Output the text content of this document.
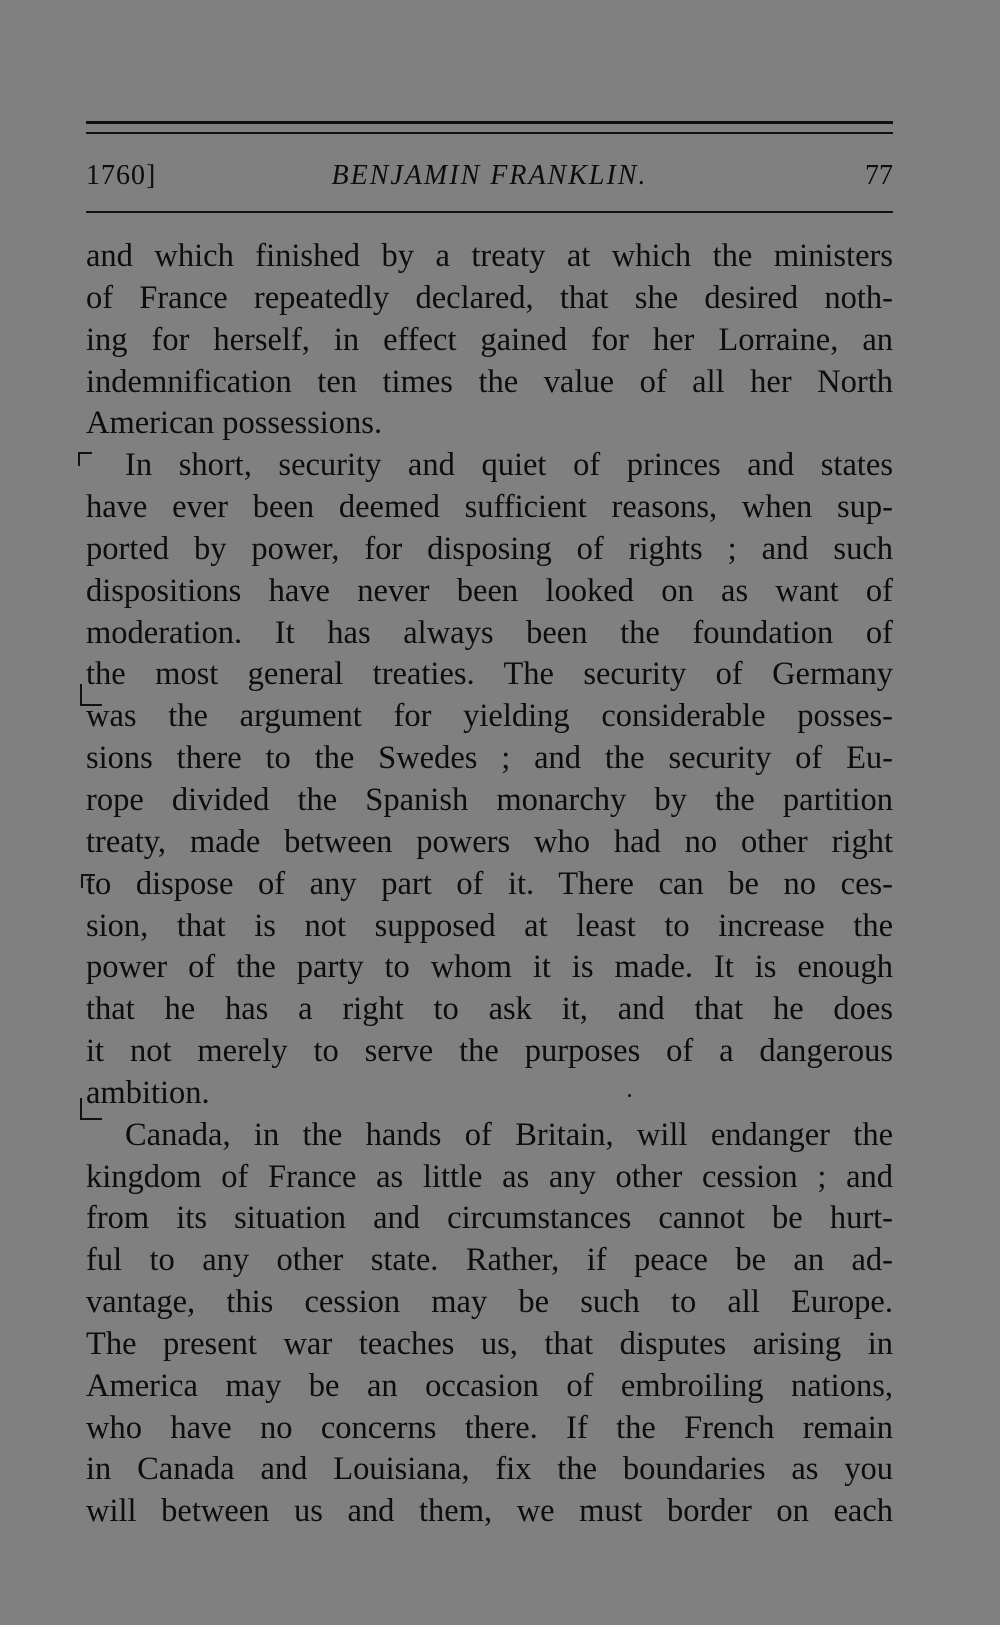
1760]	BENJAMIN FRANKLIN.	77
and which finished by a treaty at which the ministers
of France repeatedly declared, that she desired noth-
ing for herself, in effect gained for her Lorraine, an
indemnification ten times the value of all her North
American possessions.
In short, security and quiet of princes and states
have ever been deemed sufficient reasons, when sup-
ported by power, for disposing of rights ; and such
dispositions have never been looked on as want of
moderation. It has always been the foundation of
the most general treaties. The security of Germany
was the argument for yielding considerable posses-
sions there to the Swedes ; and the security of Eu-
rope divided the Spanish monarchy by the partition
treaty, made between powers who had no other right
to dispose of any part of it. There can be no ces-
sion, that is not supposed at least to increase the
power of the party to whom it is made. It is enough
that he has a right to ask it, and that he does
it not merely to serve the purposes of a dangerous
ambition.
Canada, in the hands of Britain, will endanger the
kingdom of France as little as any other cession ; and
from its situation and circumstances cannot be hurt-
ful to any other state. Rather, if peace be an ad-
vantage, this cession may be such to all Europe.
The present war teaches us, that disputes arising in
America may be an occasion of embroiling nations,
who have no concerns there. If the French remain
in Canada and Louisiana, fix the boundaries as you
will between us and them, we must border on each
